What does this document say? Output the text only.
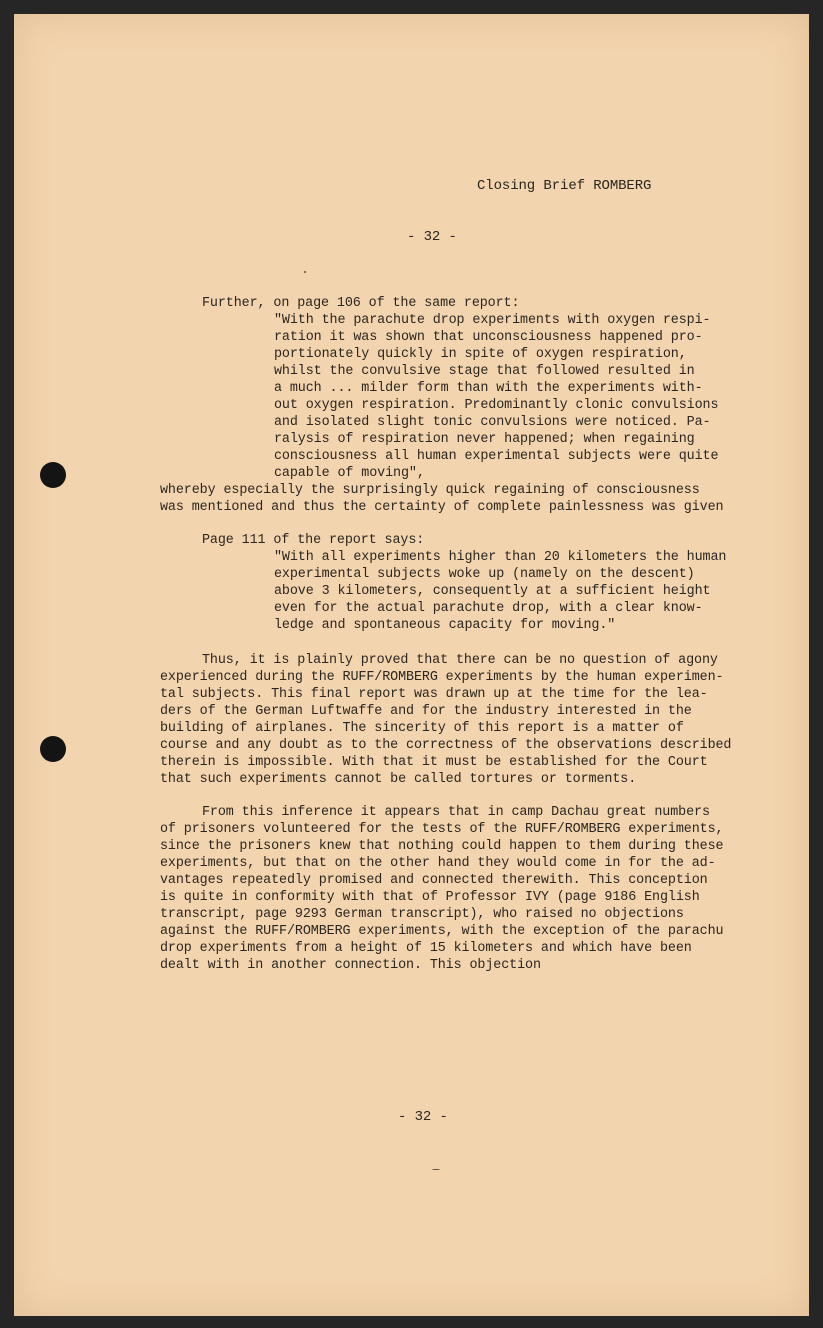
Closing Brief ROMBERG
- 32 -
Further, on page 106 of the same report:
"With the parachute drop experiments with oxygen respi-
ration it was shown that unconsciousness happened pro-
portionately quickly in spite of oxygen respiration,
whilst the convulsive stage that followed resulted in
a much ... milder form than with the experiments with-
out oxygen respiration. Predominantly clonic convulsions
and isolated slight tonic convulsions were noticed. Pa-
ralysis of respiration never happened; when regaining
consciousness all human experimental subjects were quite
capable of moving",
whereby especially the surprisingly quick regaining of consciousness
was mentioned and thus the certainty of complete painlessness was given
Page 111 of the report says:
"With all experiments higher than 20 kilometers the human
experimental subjects woke up (namely on the descent)
above 3 kilometers, consequently at a sufficient height
even for the actual parachute drop, with a clear know-
ledge and spontaneous capacity for moving."
Thus, it is plainly proved that there can be no question of agony
experienced during the RUFF/ROMBERG experiments by the human experimen-
tal subjects. This final report was drawn up at the time for the lea-
ders of the German Luftwaffe and for the industry interested in the
building of airplanes. The sincerity of this report is a matter of
course and any doubt as to the correctness of the observations described
therein is impossible. With that it must be established for the Court
that such experiments cannot be called tortures or torments.
From this inference it appears that in camp Dachau great numbers
of prisoners volunteered for the tests of the RUFF/ROMBERG experiments,
since the prisoners knew that nothing could happen to them during these
experiments, but that on the other hand they would come in for the ad-
vantages repeatedly promised and connected therewith. This conception
is quite in conformity with that of Professor IVY (page 9186 English
transcript, page 9293 German transcript), who raised no objections
against the RUFF/ROMBERG experiments, with the exception of the parachu
drop experiments from a height of 15 kilometers and which have been
dealt with in another connection. This objection
- 32 -
